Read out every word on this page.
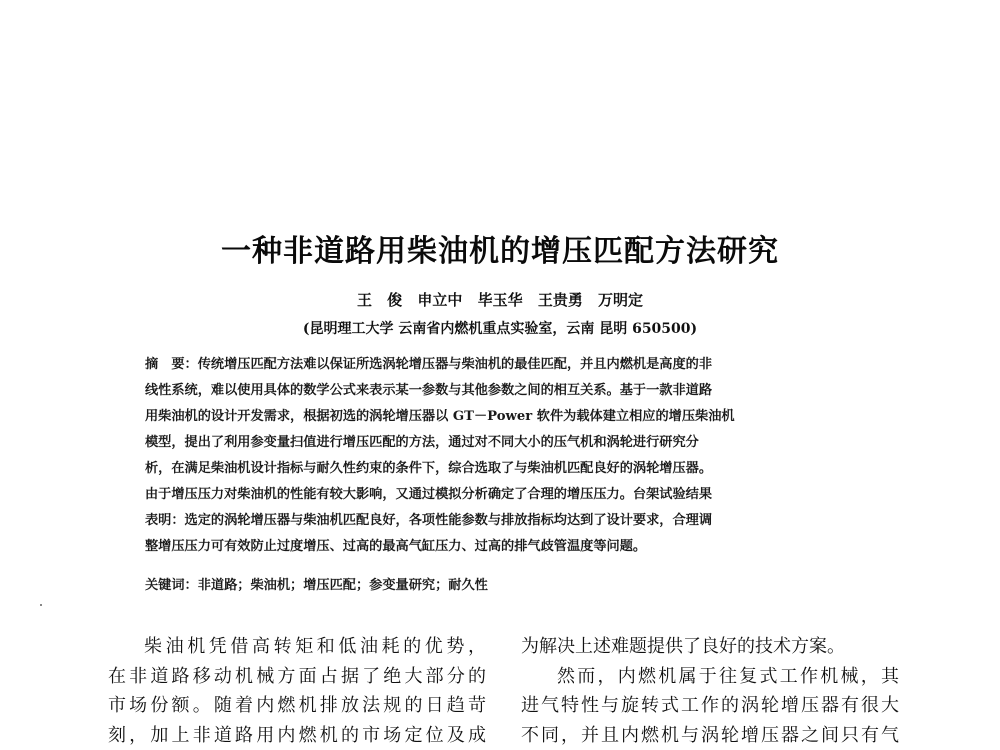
一种非道路用柴油机的增压匹配方法研究
王 俊 申立中 毕玉华 王贵勇 万明定
(昆明理工大学 云南省内燃机重点实验室，云南 昆明 650500)
摘　要：传统增压匹配方法难以保证所选涡轮增压器与柴油机的最佳匹配，并且内燃机是高度的非
线性系统，难以使用具体的数学公式来表示某一参数与其他参数之间的相互关系。基于一款非道路
用柴油机的设计开发需求，根据初选的涡轮增压器以 GT－Power 软件为载体建立相应的增压柴油机
模型，提出了利用参变量扫值进行增压匹配的方法，通过对不同大小的压气机和涡轮进行研究分
析，在满足柴油机设计指标与耐久性约束的条件下，综合选取了与柴油机匹配良好的涡轮增压器。
由于增压压力对柴油机的性能有较大影响，又通过模拟分析确定了合理的增压压力。台架试验结果
表明：选定的涡轮增压器与柴油机匹配良好，各项性能参数与排放指标均达到了设计要求，合理调
整增压压力可有效防止过度增压、过高的最高气缸压力、过高的排气歧管温度等问题。
关键词：非道路；柴油机；增压匹配；参变量研究；耐久性

柴油机凭借高转矩和低油耗的优势，

在非道路移动机械方面占据了绝大部分的

市场份额。随着内燃机排放法规的日趋苛

刻，加上非道路用内燃机的市场定位及成

为解决上述难题提供了良好的技术方案。

然而，内燃机属于往复式工作机械，其

进气特性与旋转式工作的涡轮增压器有很大

不同，并且内燃机与涡轮增压器之间只有气
